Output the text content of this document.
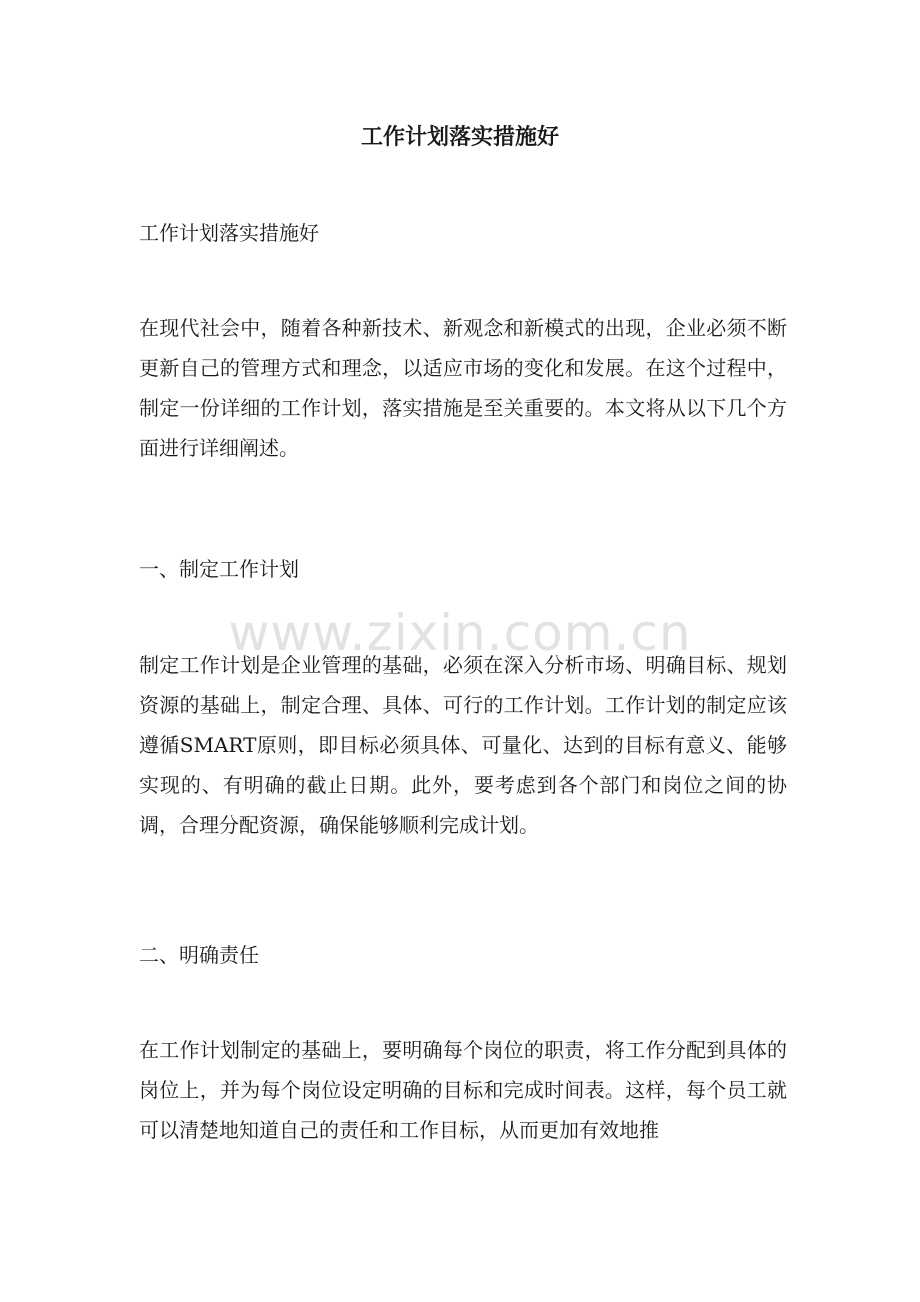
工作计划落实措施好

工作计划落实措施好

在现代社会中，随着各种新技术、新观念和新模式的出现，企业必须不断更新自己的管理方式和理念，以适应市场的变化和发展。在这个过程中，制定一份详细的工作计划，落实措施是至关重要的。本文将从以下几个方面进行详细阐述。

一、制定工作计划

制定工作计划是企业管理的基础，必须在深入分析市场、明确目标、规划资源的基础上，制定合理、具体、可行的工作计划。工作计划的制定应该遵循SMART原则，即目标必须具体、可量化、达到的目标有意义、能够实现的、有明确的截止日期。此外，要考虑到各个部门和岗位之间的协调，合理分配资源，确保能够顺利完成计划。

二、明确责任

在工作计划制定的基础上，要明确每个岗位的职责，将工作分配到具体的岗位上，并为每个岗位设定明确的目标和完成时间表。这样，每个员工就可以清楚地知道自己的责任和工作目标，从而更加有效地推

www.zixin.com.cn
